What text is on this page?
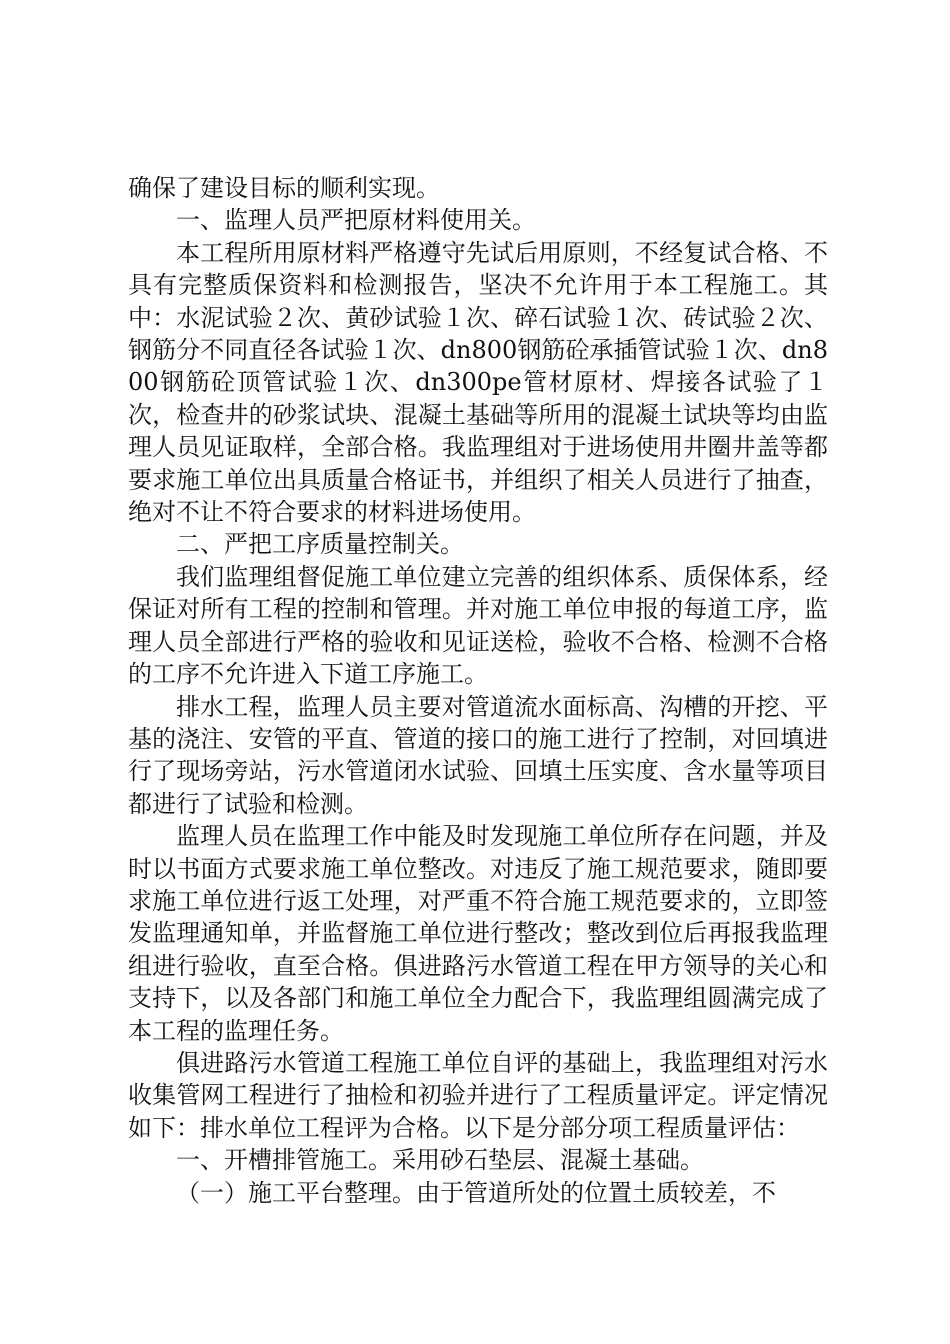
确保了建设目标的顺利实现。

一、监理人员严把原材料使用关。

本工程所用原材料严格遵守先试后用原则，不经复试合格、不具有完整质保资料和检测报告，坚决不允许用于本工程施工。其中：水泥试验２次、黄砂试验１次、碎石试验１次、砖试验２次、钢筋分不同直径各试验１次、dn800钢筋砼承插管试验１次、dn800钢筋砼顶管试验１次、dn300pe管材原材、焊接各试验了１次，检查井的砂浆试块、混凝土基础等所用的混凝土试块等均由监理人员见证取样，全部合格。我监理组对于进场使用井圈井盖等都要求施工单位出具质量合格证书，并组织了相关人员进行了抽查，绝对不让不符合要求的材料进场使用。

二、严把工序质量控制关。

我们监理组督促施工单位建立完善的组织体系、质保体系，经保证对所有工程的控制和管理。并对施工单位申报的每道工序，监理人员全部进行严格的验收和见证送检，验收不合格、检测不合格的工序不允许进入下道工序施工。

排水工程，监理人员主要对管道流水面标高、沟槽的开挖、平基的浇注、安管的平直、管道的接口的施工进行了控制，对回填进行了现场旁站，污水管道闭水试验、回填土压实度、含水量等项目都进行了试验和检测。

监理人员在监理工作中能及时发现施工单位所存在问题，并及时以书面方式要求施工单位整改。对违反了施工规范要求，随即要求施工单位进行返工处理，对严重不符合施工规范要求的，立即签发监理通知单，并监督施工单位进行整改；整改到位后再报我监理组进行验收，直至合格。俱进路污水管道工程在甲方领导的关心和支持下，以及各部门和施工单位全力配合下，我监理组圆满完成了本工程的监理任务。

俱进路污水管道工程施工单位自评的基础上，我监理组对污水收集管网工程进行了抽检和初验并进行了工程质量评定。评定情况如下：排水单位工程评为合格。以下是分部分项工程质量评估：

一、开槽排管施工。采用砂石垫层、混凝土基础。

（一）施工平台整理。由于管道所处的位置土质较差，不
